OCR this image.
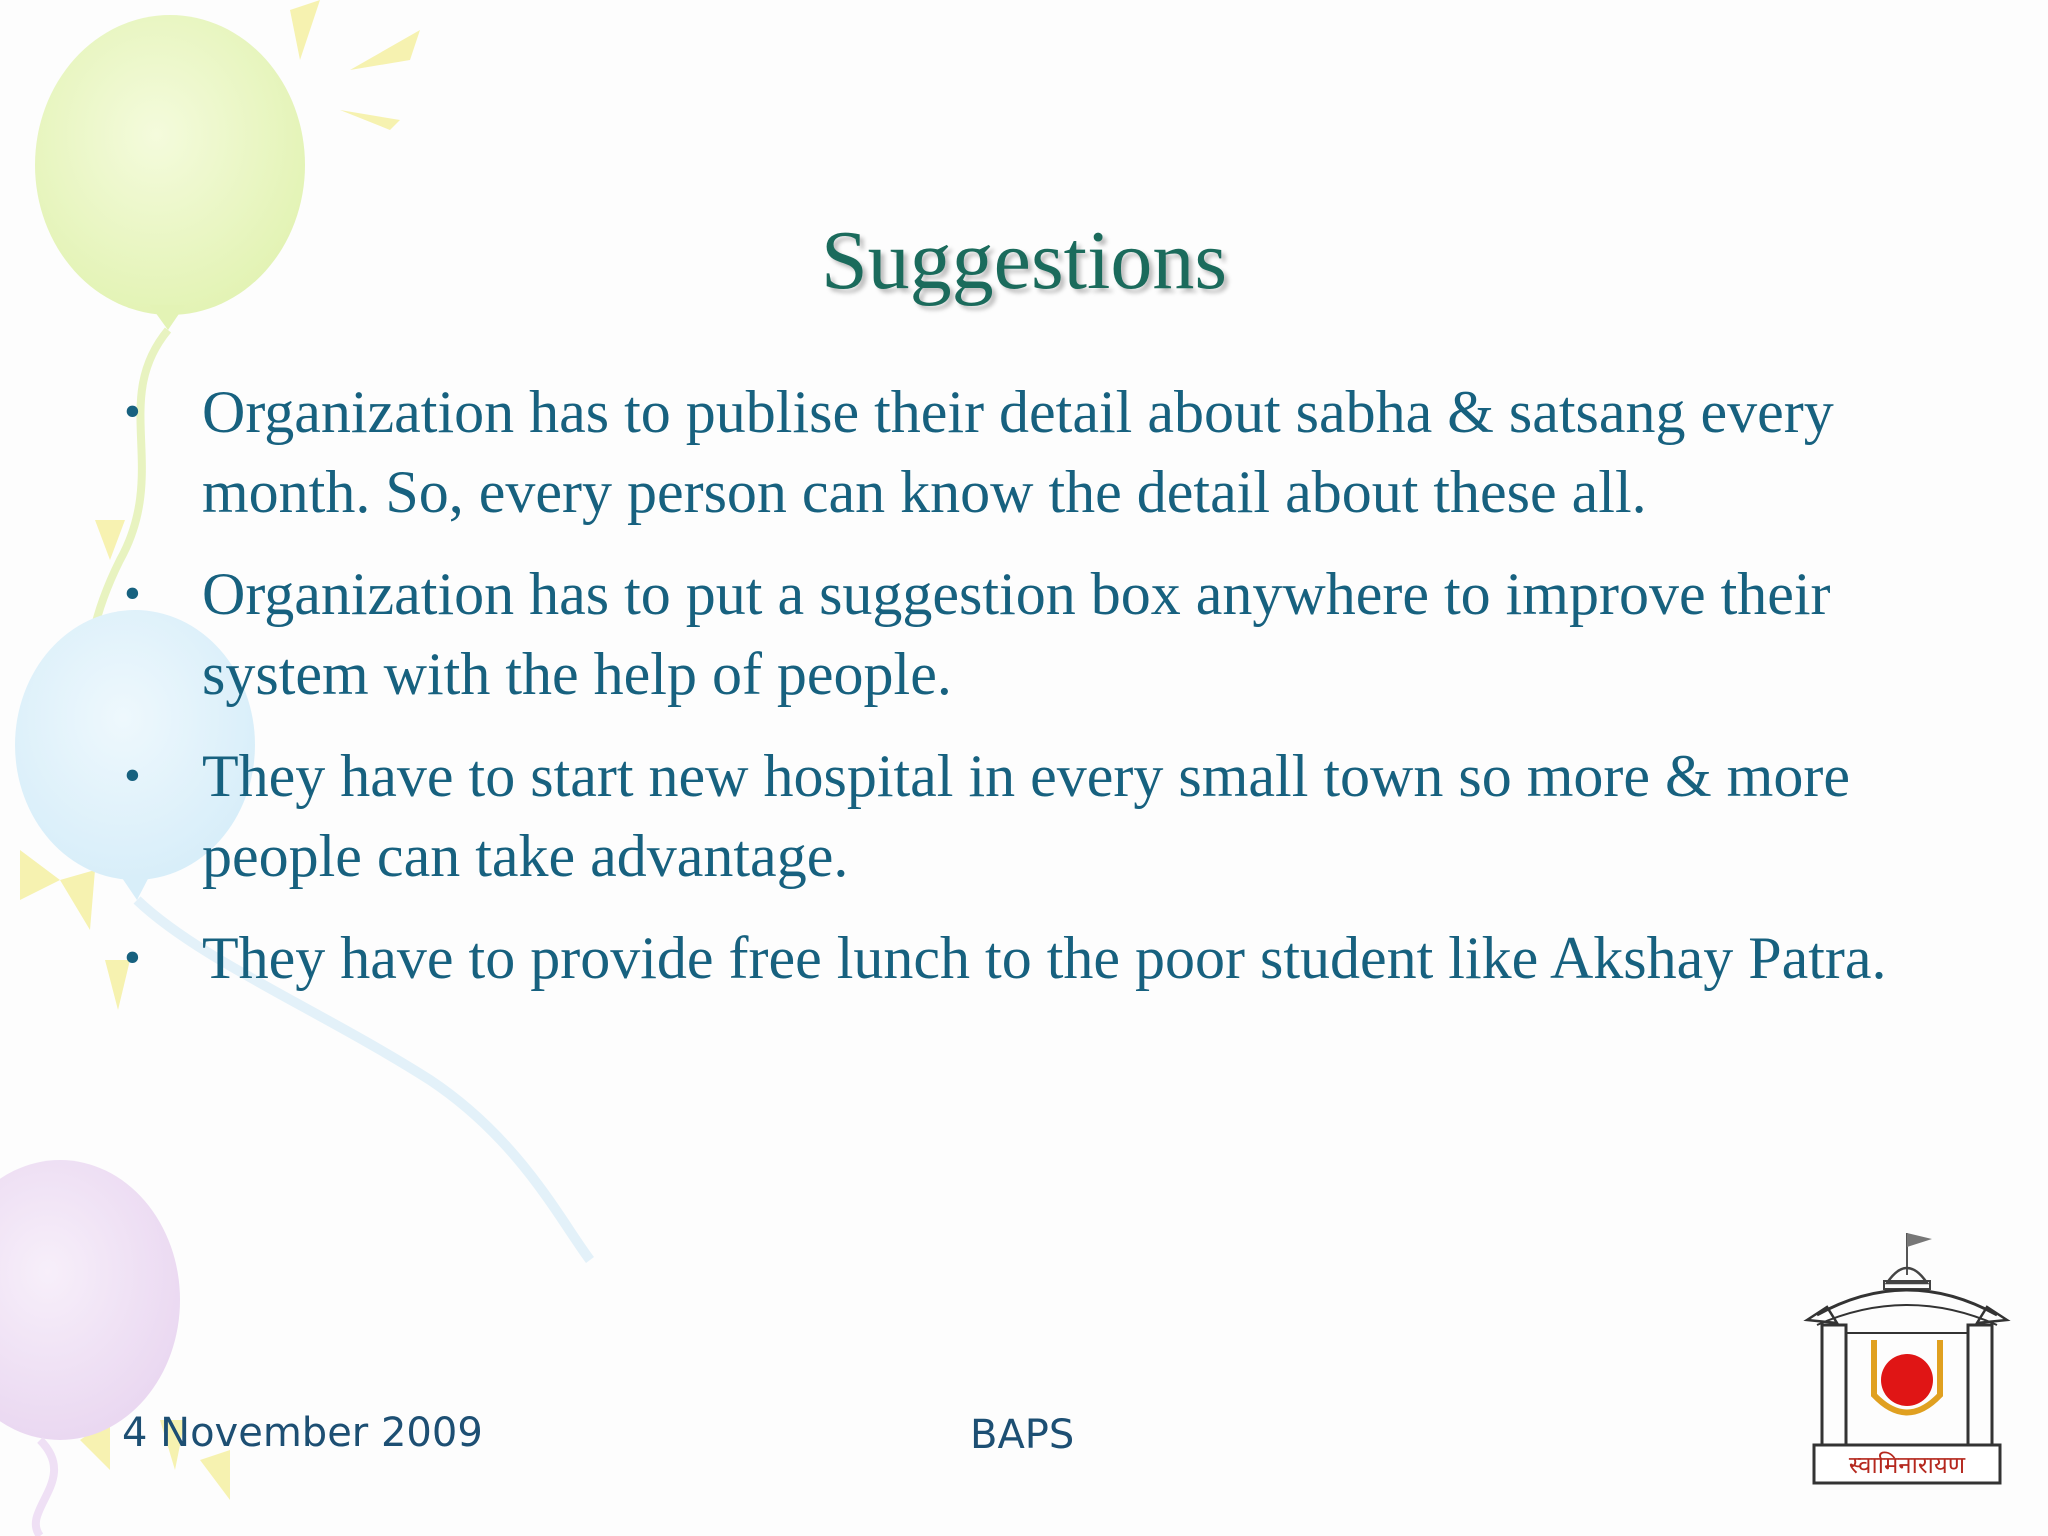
Suggestions
• Organization has to publise their detail about sabha & satsang every month. So, every person can know the detail about these all.
• Organization has to put a suggestion box anywhere to improve their system with the help of people.
• They have to start new hospital in every small town so more & more people can take advantage.
• They have to provide free lunch to the poor student like Akshay Patra.
4 November 2009	BAPS
स्वामिनारायण
